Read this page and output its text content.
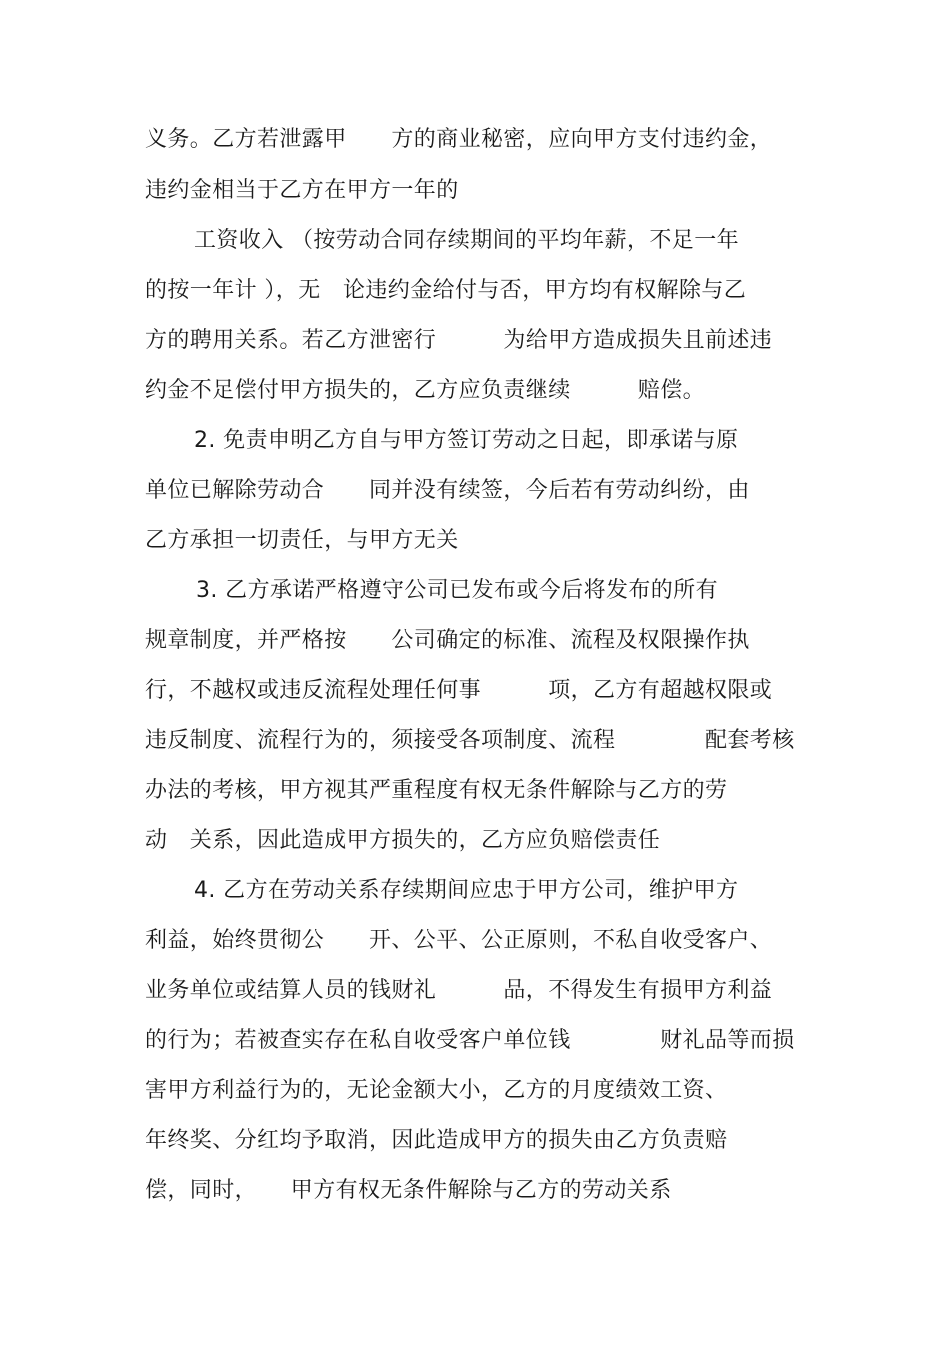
义务。乙方若泄露甲　　方的商业秘密，应向甲方支付违约金，
违约金相当于乙方在甲方一年的
工资收入 （按劳动合同存续期间的平均年薪，不足一年
的按一年计 ），无　论违约金给付与否，甲方均有权解除与乙
方的聘用关系。若乙方泄密行　　　为给甲方造成损失且前述违
约金不足偿付甲方损失的，乙方应负责继续　　　赔偿。
2. 免责申明乙方自与甲方签订劳动之日起，即承诺与原
单位已解除劳动合　　同并没有续签，今后若有劳动纠纷，由
乙方承担一切责任，与甲方无关
3. 乙方承诺严格遵守公司已发布或今后将发布的所有
规章制度，并严格按　　公司确定的标准、流程及权限操作执
行，不越权或违反流程处理任何事　　　项，乙方有超越权限或
违反制度、流程行为的，须接受各项制度、流程　　　　配套考核
办法的考核，甲方视其严重程度有权无条件解除与乙方的劳
动　关系，因此造成甲方损失的，乙方应负赔偿责任
4. 乙方在劳动关系存续期间应忠于甲方公司，维护甲方
利益，始终贯彻公　　开、公平、公正原则，不私自收受客户、
业务单位或结算人员的钱财礼　　　品，不得发生有损甲方利益
的行为；若被查实存在私自收受客户单位钱　　　　财礼品等而损
害甲方利益行为的，无论金额大小，乙方的月度绩效工资、
年终奖、分红均予取消，因此造成甲方的损失由乙方负责赔
偿，同时，　　甲方有权无条件解除与乙方的劳动关系
